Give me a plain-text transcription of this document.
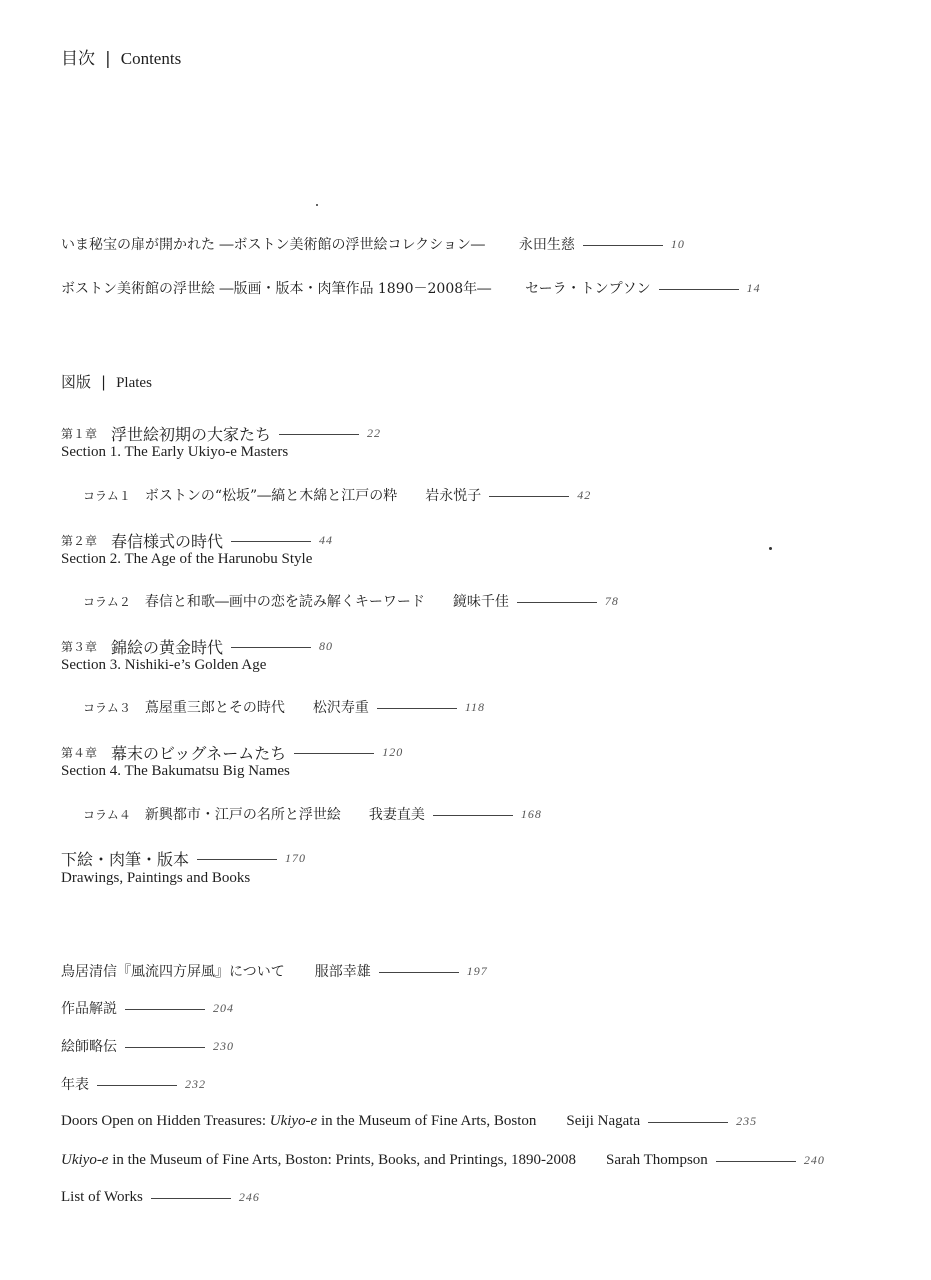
目次 | Contents
いま秘宝の扉が開かれた ―ボストン美術館の浮世絵コレクション― 永田生慈	10
ボストン美術館の浮世絵 ―版画・版本・肉筆作品 1890－2008年― セーラ・トンプソン	14
図版 | Plates
第１章 浮世絵初期の大家たち	22
Section 1. The Early Ukiyo-e Masters
コラム１ ボストンの“松坂”―縞と木綿と江戸の粋 岩永悦子	42
第２章 春信様式の時代	44
Section 2. The Age of the Harunobu Style
コラム２ 春信と和歌―画中の恋を読み解くキーワード 鏡味千佳	78
第３章 錦絵の黄金時代	80
Section 3. Nishiki-e’s Golden Age
コラム３ 蔦屋重三郎とその時代 松沢寿重	118
第４章 幕末のビッグネームたち	120
Section 4. The Bakumatsu Big Names
コラム４ 新興都市・江戸の名所と浮世絵 我妻直美	168
下絵・肉筆・版本	170
Drawings, Paintings and Books
鳥居清信『風流四方屏風』について 服部幸雄	197
作品解説	204
絵師略伝	230
年表	232
Doors Open on Hidden Treasures: Ukiyo-e in the Museum of Fine Arts, Boston Seiji Nagata	235
Ukiyo-e in the Museum of Fine Arts, Boston: Prints, Books, and Printings, 1890-2008 Sarah Thompson	240
List of Works	246
